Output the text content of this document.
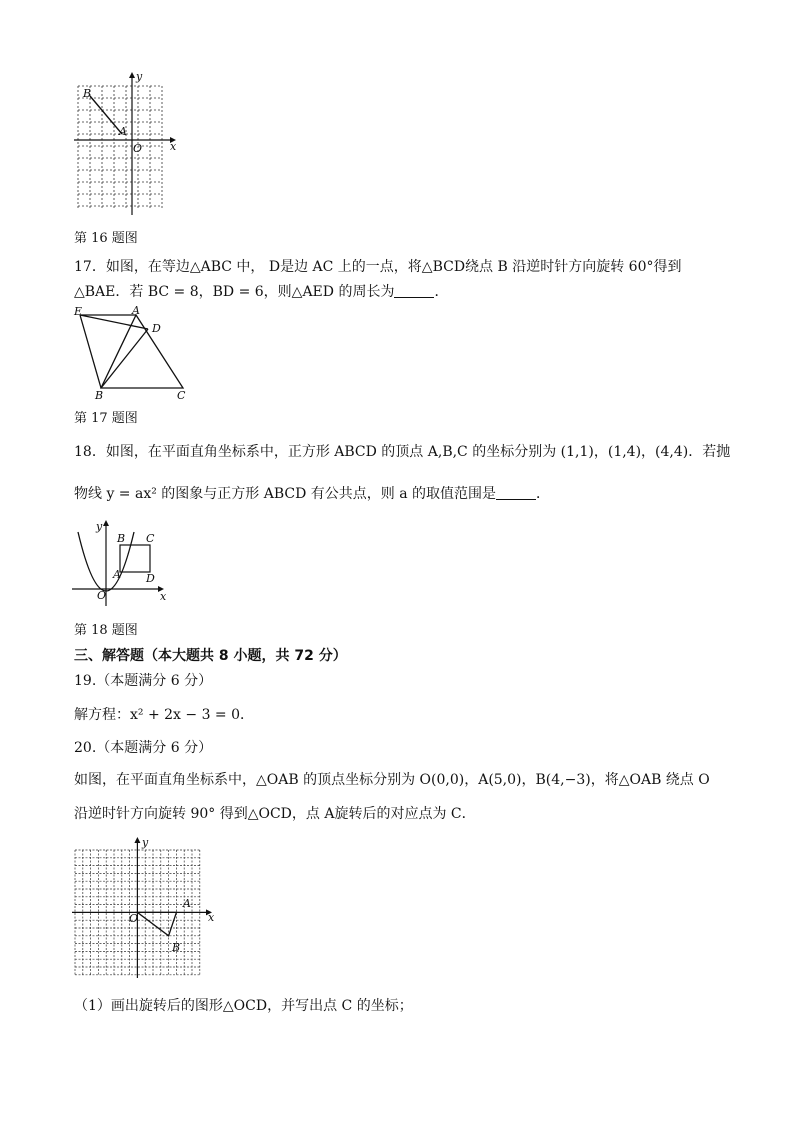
B
A
O	x
y
第 16 题图
17．如图，在等边△ABC 中， D是边 AC 上的一点，将△BCD绕点 B 沿逆时针方向旋转 60°得到
△BAE．若 BC = 8，BD = 6，则△AED 的周长为	．
E	A
D
B	C
第 17 题图
18．如图，在平面直角坐标系中，正方形 ABCD 的顶点 A,B,C 的坐标分别为 (1,1)，(1,4)，(4,4)．若抛
物线 y = ax² 的图象与正方形 ABCD 有公共点，则 a 的取值范围是	．
y
B C
A D
O	x
第 18 题图
三、解答题（本大题共 8 小题，共 72 分）
19.（本题满分 6 分）
解方程：x² + 2x − 3 = 0．
20.（本题满分 6 分）
如图，在平面直角坐标系中，△OAB 的顶点坐标分别为 O(0,0)，A(5,0)，B(4,−3)，将△OAB 绕点 O
沿逆时针方向旋转 90° 得到△OCD，点 A旋转后的对应点为 C．
y
O
A
B
x
（1）画出旋转后的图形△OCD，并写出点 C 的坐标；
